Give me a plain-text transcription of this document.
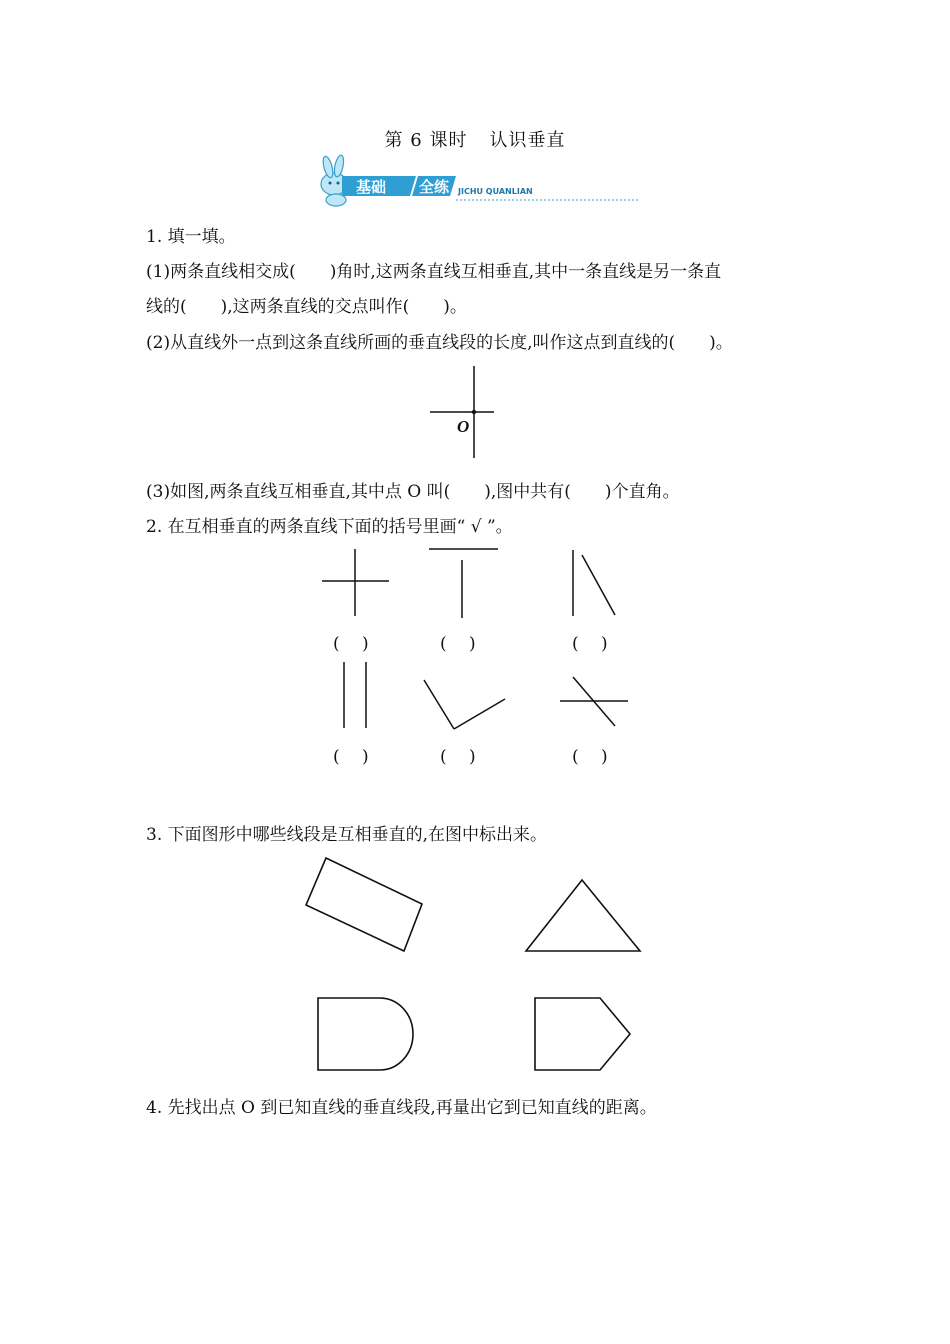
第 6 课时 认识垂直
基础 全练 JICHU QUANLIAN
1. 填一填。
(1)两条直线相交成(　　)角时,这两条直线互相垂直,其中一条直线是另一条直
线的(　　),这两条直线的交点叫作(　　)。
(2)从直线外一点到这条直线所画的垂直线段的长度,叫作这点到直线的(　　)。
O
(3)如图,两条直线互相垂直,其中点 O 叫(　　),图中共有(　　)个直角。
2. 在互相垂直的两条直线下面的括号里画“ √ ”。
(　 )	(　 )	(　 )
(　 )	(　 )	(　 )
3. 下面图形中哪些线段是互相垂直的,在图中标出来。
4. 先找出点 O 到已知直线的垂直线段,再量出它到已知直线的距离。
